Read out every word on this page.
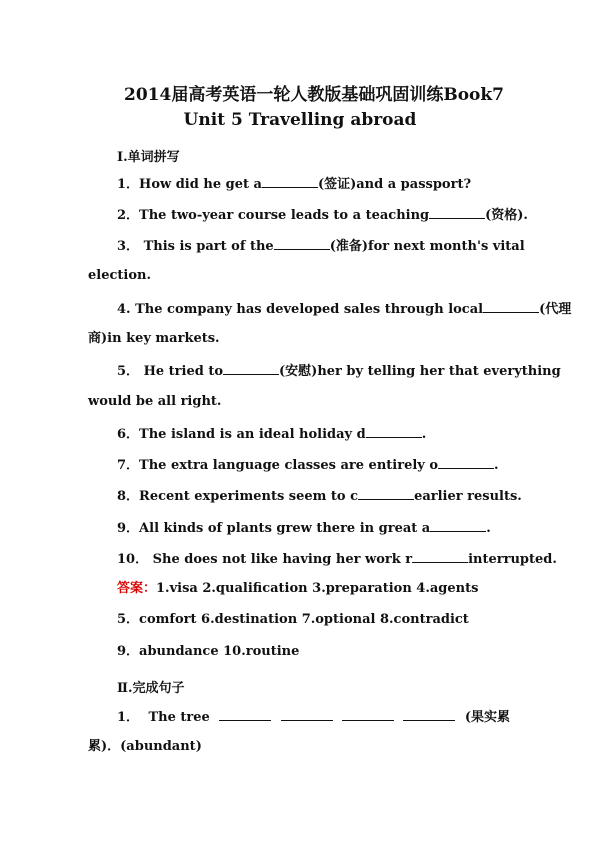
2014届高考英语一轮人教版基础巩固训练Book7
Unit 5 Travelling abroad
Ⅰ.单词拼写
1．How did he get a	(签证)and a passport?
2．The two-year course leads to a teaching	(资格).
3． This is part of the	(准备)for next month's vital
election.
4. The company has developed sales through local	(代理
商)in key markets.
5． He tried to	(安慰)her by telling her that everything
would be all right.
6．The island is an ideal holiday d	.
7．The extra language classes are entirely o	.
8．Recent experiments seem to c	earlier results.
9．All kinds of plants grew there in great a	.
10． She does not like having her work r	interrupted.
答案：1.visa 2.qualification 3.preparation 4.agents
5．comfort 6.destination 7.optional 8.contradict
9．abundance 10.routine
Ⅱ.完成句子
1． The tree	(果实累
累)．(abundant)
